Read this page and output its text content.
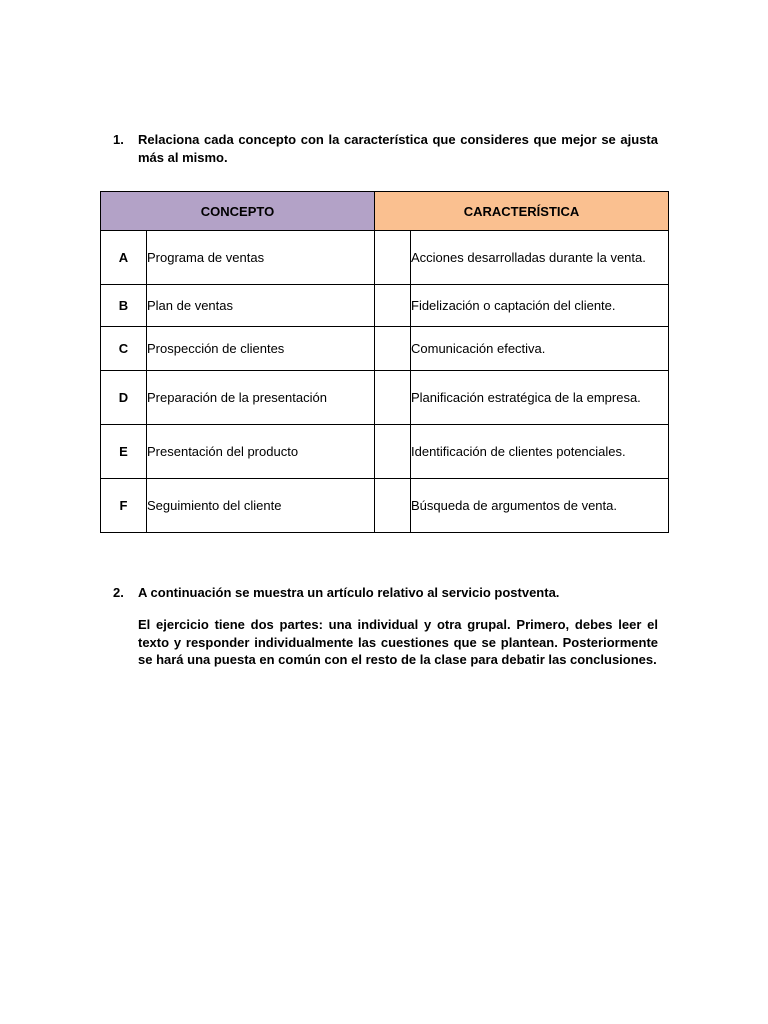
1. Relaciona cada concepto con la característica que consideres que mejor se ajusta más al mismo.
CONCEPTO		CARACTERÍSTICA	
A	Programa de ventas		Acciones desarrolladas durante la venta.
B	Plan de ventas		Fidelización o captación del cliente.
C	Prospección de clientes		Comunicación efectiva.
D	Preparación de la presentación		Planificación estratégica de la empresa.
E	Presentación del producto		Identificación de clientes potenciales.
F	Seguimiento del cliente		Búsqueda de argumentos de venta.
2. A continuación se muestra un artículo relativo al servicio postventa.
El ejercicio tiene dos partes: una individual y otra grupal. Primero, debes leer el texto y responder individualmente las cuestiones que se plantean. Posteriormente se hará una puesta en común con el resto de la clase para debatir las conclusiones.
